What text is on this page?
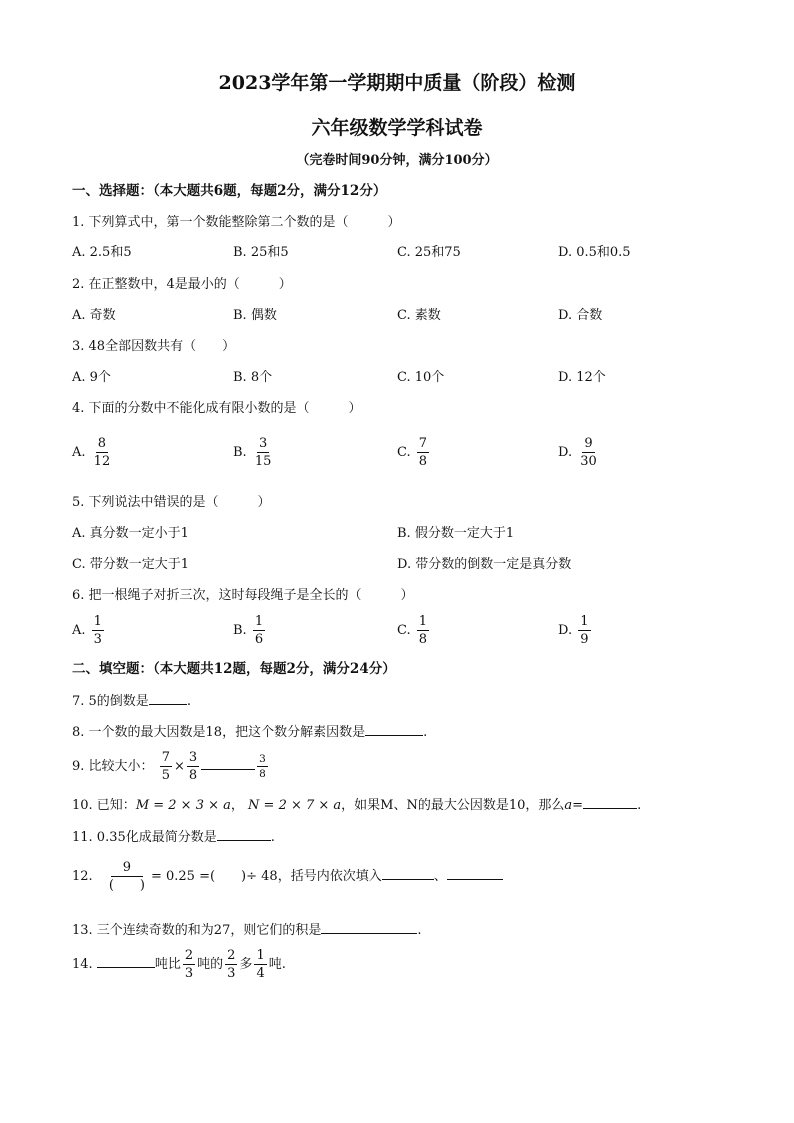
2023学年第一学期期中质量（阶段）检测
六年级数学学科试卷
（完卷时间90分钟，满分100分）
一、选择题：（本大题共6题，每题2分，满分12分）
1. 下列算式中，第一个数能整除第二个数的是（　　　）
A. 2.5和5	B. 25和5	C. 25和75	D. 0.5和0.5
2. 在正整数中，4是最小的（　　　）
A. 奇数	B. 偶数	C. 素数	D. 合数
3. 48全部因数共有（　　）
A. 9个	B. 8个	C. 10个	D. 12个
4. 下面的分数中不能化成有限小数的是（　　　）
A. $\frac{8}{12}$	B. $\frac{3}{15}$	C. $\frac{7}{8}$	D. $\frac{9}{30}$
5. 下列说法中错误的是（　　　）
A. 真分数一定小于1	B. 假分数一定大于1
C. 带分数一定大于1	D. 带分数的倒数一定是真分数
6. 把一根绳子对折三次，这时每段绳子是全长的（　　　）
A. $\frac{1}{3}$	B. $\frac{1}{6}$	C. $\frac{1}{8}$	D. $\frac{1}{9}$
二、填空题：（本大题共12题，每题2分，满分24分）
7. 5的倒数是	.
8. 一个数的最大因数是18，把这个数分解素因数是	.
9. 比较大小： $\frac{7}{5} \times \frac{3}{8}$	$\frac{3}{8}$
10. 已知：M = 2 × 3 × a， N = 2 × 7 × a，如果M、N的最大公因数是10，那么a=	.
11. 0.35化成最简分数是	.
12. $\frac{9}{( )} = 0.25$ =(　　)÷ 48，括号内依次填入	、
13. 三个连续奇数的和为27，则它们的积是	.
14.	吨比 $\frac{2}{3}$ 吨的 $\frac{2}{3}$ 多 $\frac{1}{4}$ 吨.
